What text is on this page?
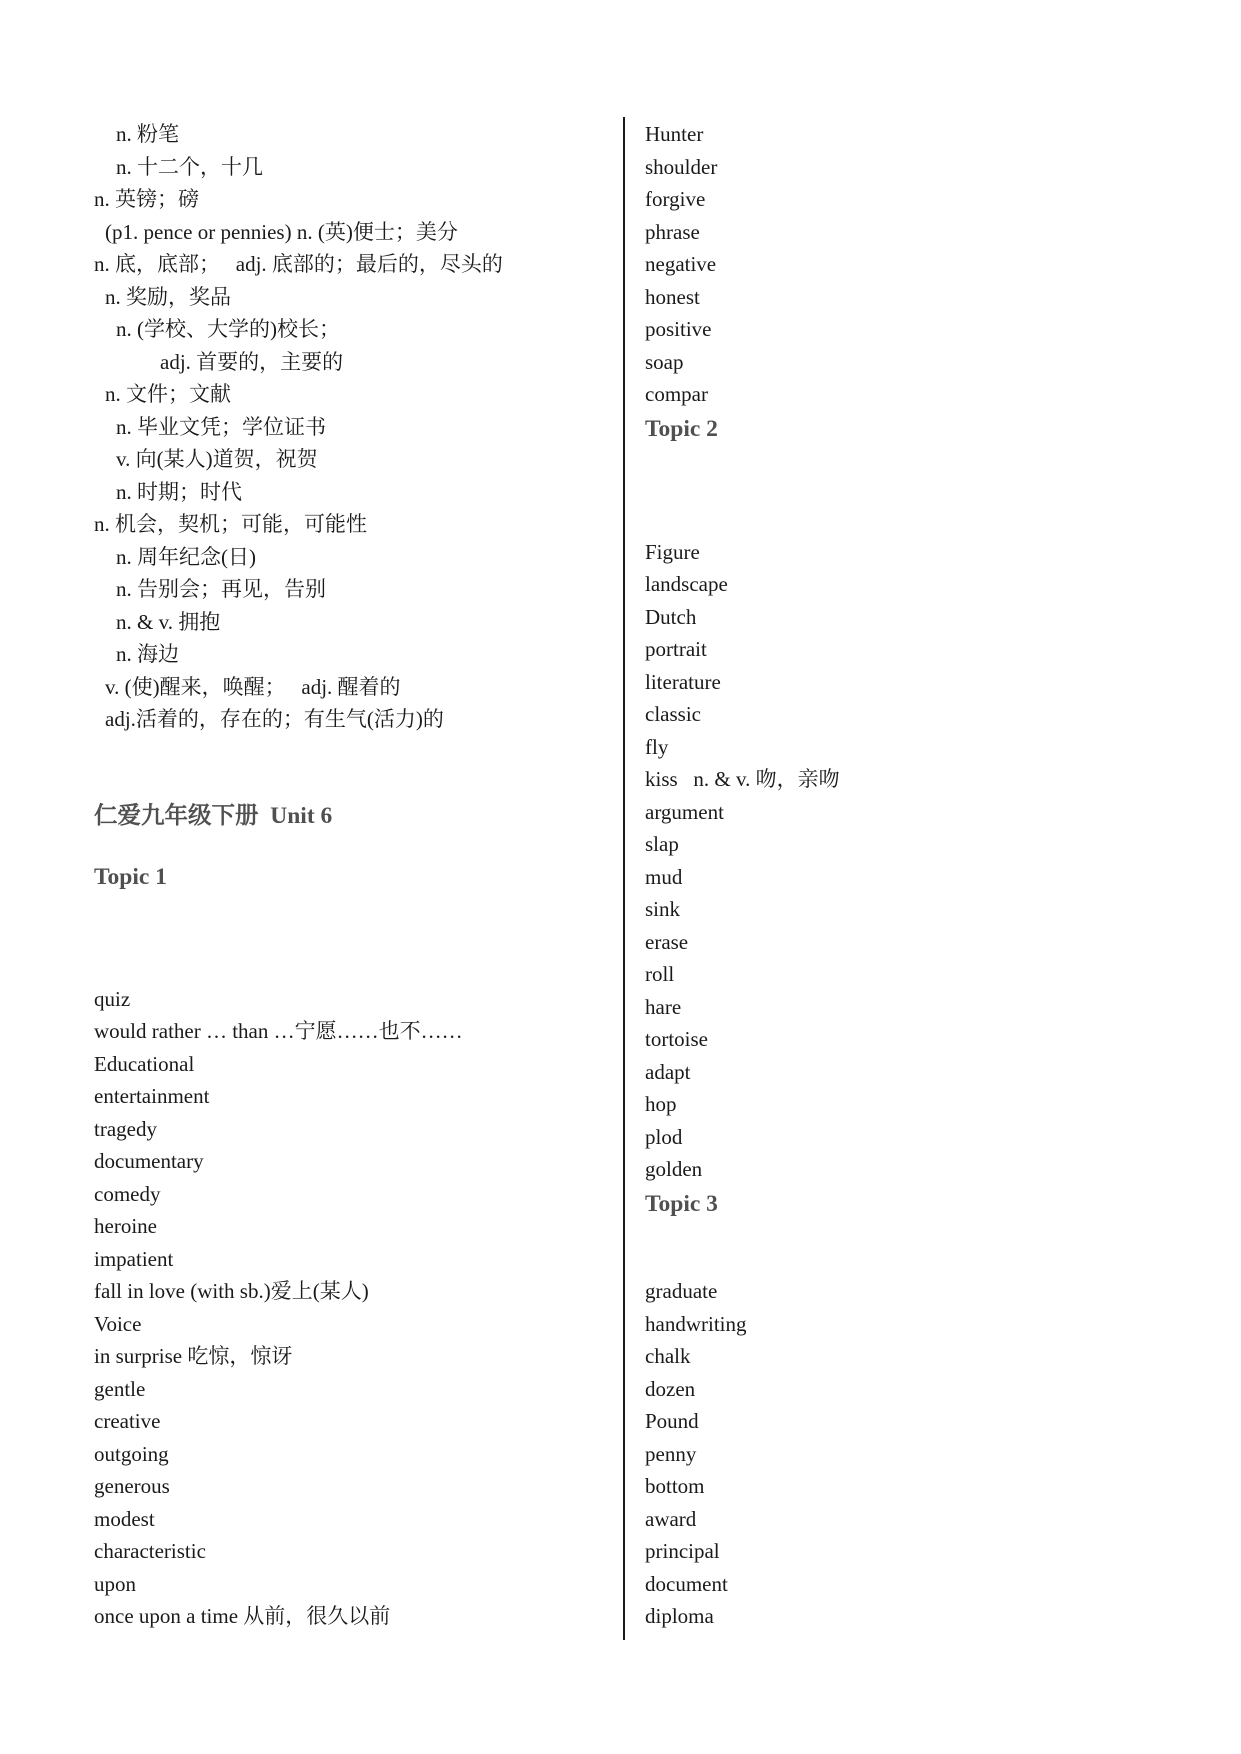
n. 粉笔
n. 十二个，十几
n. 英镑；磅
(p1. pence or pennies) n. (英)便士；美分
n. 底，底部；   adj. 底部的；最后的，尽头的
n. 奖励，奖品
n. (学校、大学的)校长；
adj. 首要的，主要的
n. 文件；文献
n. 毕业文凭；学位证书
v. 向(某人)道贺，祝贺
n. 时期；时代
n. 机会，契机；可能，可能性
n. 周年纪念(日)
n. 告别会；再见，告别
n. & v. 拥抱
n. 海边
v. (使)醒来，唤醒；   adj. 醒着的
adj.活着的，存在的；有生气(活力)的
仁爱九年级下册  Unit 6
Topic 1
quiz
would rather … than …宁愿……也不……
Educational
entertainment
tragedy
documentary
comedy
heroine
impatient
fall in love (with sb.)爱上(某人)
Voice
in surprise 吃惊，惊讶
gentle
creative
outgoing
generous
modest
characteristic
upon
once upon a time 从前，很久以前
Hunter
shoulder
forgive
phrase
negative
honest
positive
soap
compar
Topic 2
Figure
landscape
Dutch
portrait
literature
classic
fly
kiss   n. & v. 吻，亲吻
argument
slap
mud
sink
erase
roll
hare
tortoise
adapt
hop
plod
golden
Topic 3
graduate
handwriting
chalk
dozen
Pound
penny
bottom
award
principal
document
diploma
